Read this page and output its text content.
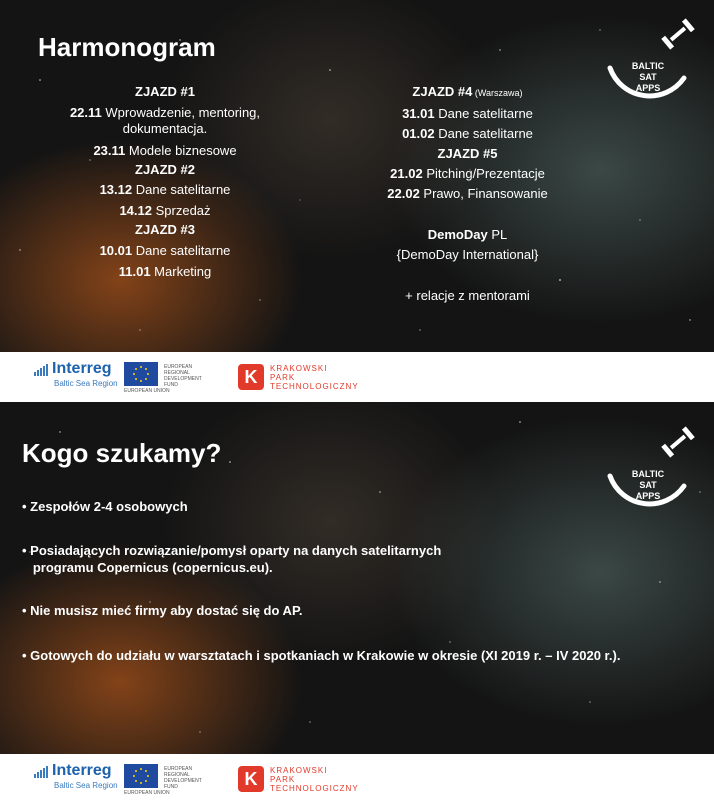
Harmonogram
ZJAZD #1
22.11 Wprowadzenie, mentoring,
dokumentacja.
23.11 Modele biznesowe
ZJAZD #2
13.12 Dane satelitarne
14.12 Sprzedaż
ZJAZD #3
10.01 Dane satelitarne
11.01 Marketing
ZJAZD #4 (Warszawa)
31.01 Dane satelitarne
01.02 Dane satelitarne
ZJAZD #5
21.02 Pitching/Prezentacje
22.02 Prawo, Finansowanie
DemoDay PL
{DemoDay International}
+ relacje z mentorami
BALTIC
SAT
APPS
Interreg
Baltic Sea Region
EUROPEAN REGIONAL DEVELOPMENT FUND
EUROPEAN UNION
K	KRAKOWSKI
PARK
TECHNOLOGICZNY
Kogo szukamy?
• Zespołów 2-4 osobowych
• Posiadających rozwiązanie/pomysł oparty na danych satelitarnych
programu Copernicus (copernicus.eu).
• Nie musisz mieć firmy aby dostać się do AP.
• Gotowych do udziału w warsztatach i spotkaniach w Krakowie w okresie (XI 2019 r. – IV 2020 r.).
BALTIC
SAT
APPS
Interreg
Baltic Sea Region
EUROPEAN REGIONAL DEVELOPMENT FUND
EUROPEAN UNION
K	KRAKOWSKI
PARK
TECHNOLOGICZNY
